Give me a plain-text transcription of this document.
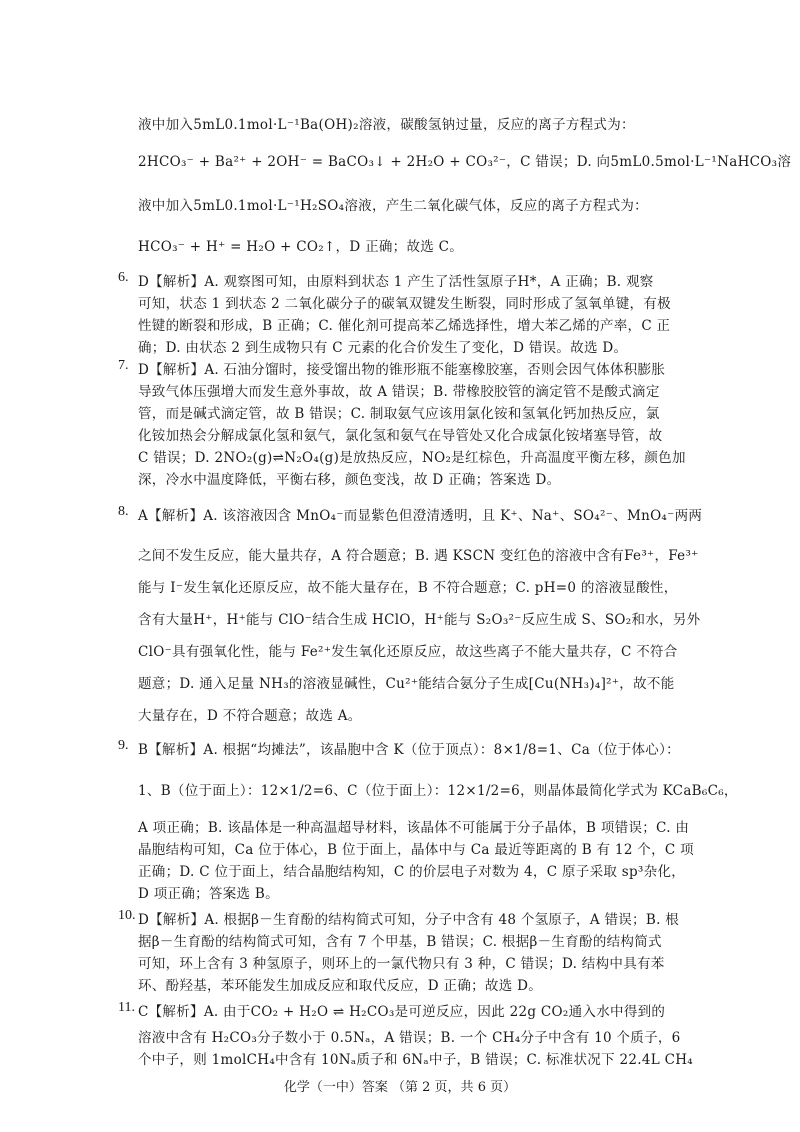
液中加入5mL0.1mol·L⁻¹Ba(OH)₂溶液，碳酸氢钠过量，反应的离子方程式为：
2HCO₃⁻ + Ba²⁺ + 2OH⁻ = BaCO₃↓ + 2H₂O + CO₃²⁻，C 错误；D. 向5mL0.5mol·L⁻¹NaHCO₃溶
液中加入5mL0.1mol·L⁻¹H₂SO₄溶液，产生二氧化碳气体，反应的离子方程式为：
HCO₃⁻ + H⁺ = H₂O + CO₂↑，D 正确；故选 C。
6. D【解析】A. 观察图可知，由原料到状态 1 产生了活性氢原子H*，A 正确；B. 观察
可知，状态 1 到状态 2 二氧化碳分子的碳氧双键发生断裂，同时形成了氢氧单键，有极
性键的断裂和形成，B 正确；C. 催化剂可提高苯乙烯选择性，增大苯乙烯的产率，C 正
确；D. 由状态 2 到生成物只有 C 元素的化合价发生了变化，D 错误。故选 D。
7. D【解析】A. 石油分馏时，接受馏出物的锥形瓶不能塞橡胶塞，否则会因气体体积膨胀
导致气体压强增大而发生意外事故，故 A 错误；B. 带橡胶胶管的滴定管不是酸式滴定
管，而是碱式滴定管，故 B 错误；C. 制取氨气应该用氯化铵和氢氧化钙加热反应，氯
化铵加热会分解成氯化氢和氨气，氯化氢和氨气在导管处又化合成氯化铵堵塞导管，故
C 错误；D. 2NO₂(g)⇌N₂O₄(g)是放热反应，NO₂是红棕色，升高温度平衡左移，颜色加
深，冷水中温度降低，平衡右移，颜色变浅，故 D 正确；答案选 D。
8. A【解析】A. 该溶液因含 MnO₄⁻而显紫色但澄清透明，且 K⁺、Na⁺、SO₄²⁻、MnO₄⁻两两
之间不发生反应，能大量共存，A 符合题意；B. 遇 KSCN 变红色的溶液中含有Fe³⁺，Fe³⁺
能与 I⁻发生氧化还原反应，故不能大量存在，B 不符合题意；C. pH=0 的溶液显酸性，
含有大量H⁺，H⁺能与 ClO⁻结合生成 HClO，H⁺能与 S₂O₃²⁻反应生成 S、SO₂和水，另外
ClO⁻具有强氧化性，能与 Fe²⁺发生氧化还原反应，故这些离子不能大量共存，C 不符合
题意；D. 通入足量 NH₃的溶液显碱性，Cu²⁺能结合氨分子生成[Cu(NH₃)₄]²⁺，故不能
大量存在，D 不符合题意；故选 A。
9. B【解析】A. 根据“均摊法”，该晶胞中含 K（位于顶点）：8×1/8=1、Ca（位于体心）：
1、B（位于面上）：12×1/2=6、C（位于面上）：12×1/2=6，则晶体最简化学式为 KCaB₆C₆，
A 项正确；B. 该晶体是一种高温超导材料，该晶体不可能属于分子晶体，B 项错误；C. 由
晶胞结构可知，Ca 位于体心，B 位于面上，晶体中与 Ca 最近等距离的 B 有 12 个，C 项
正确；D. C 位于面上，结合晶胞结构知，C 的价层电子对数为 4，C 原子采取 sp³杂化，
D 项正确；答案选 B。
10. D【解析】A. 根据β－生育酚的结构简式可知，分子中含有 48 个氢原子，A 错误；B. 根
据β－生育酚的结构简式可知，含有 7 个甲基，B 错误；C. 根据β－生育酚的结构简式
可知，环上含有 3 种氢原子，则环上的一氯代物只有 3 种，C 错误；D. 结构中具有苯
环、酚羟基，苯环能发生加成反应和取代反应，D 正确；故选 D。
11. C【解析】A. 由于CO₂ + H₂O ⇌ H₂CO₃是可逆反应，因此 22g CO₂通入水中得到的
溶液中含有 H₂CO₃分子数小于 0.5Nₐ，A 错误；B. 一个 CH₄分子中含有 10 个质子，6
个中子，则 1molCH₄中含有 10Nₐ质子和 6Nₐ中子，B 错误；C. 标准状况下 22.4L CH₄
化学（一中）答案 （第 2 页，共 6 页）
